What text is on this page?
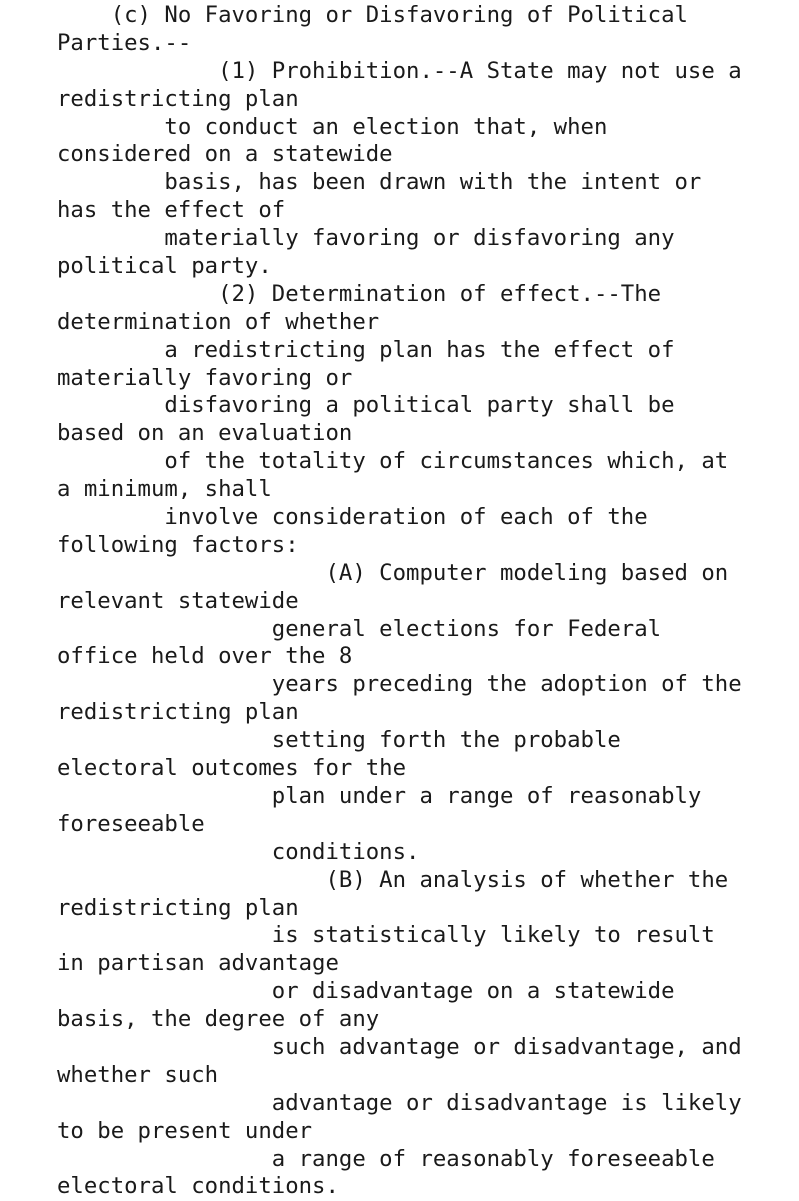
(c) No Favoring or Disfavoring of Political
Parties.--
(1) Prohibition.--A State may not use a
redistricting plan
to conduct an election that, when
considered on a statewide
basis, has been drawn with the intent or
has the effect of
materially favoring or disfavoring any
political party.
(2) Determination of effect.--The
determination of whether
a redistricting plan has the effect of
materially favoring or
disfavoring a political party shall be
based on an evaluation
of the totality of circumstances which, at
a minimum, shall
involve consideration of each of the
following factors:
(A) Computer modeling based on
relevant statewide
general elections for Federal
office held over the 8
years preceding the adoption of the
redistricting plan
setting forth the probable
electoral outcomes for the
plan under a range of reasonably
foreseeable
conditions.
(B) An analysis of whether the
redistricting plan
is statistically likely to result
in partisan advantage
or disadvantage on a statewide
basis, the degree of any
such advantage or disadvantage, and
whether such
advantage or disadvantage is likely
to be present under
a range of reasonably foreseeable
electoral conditions.
